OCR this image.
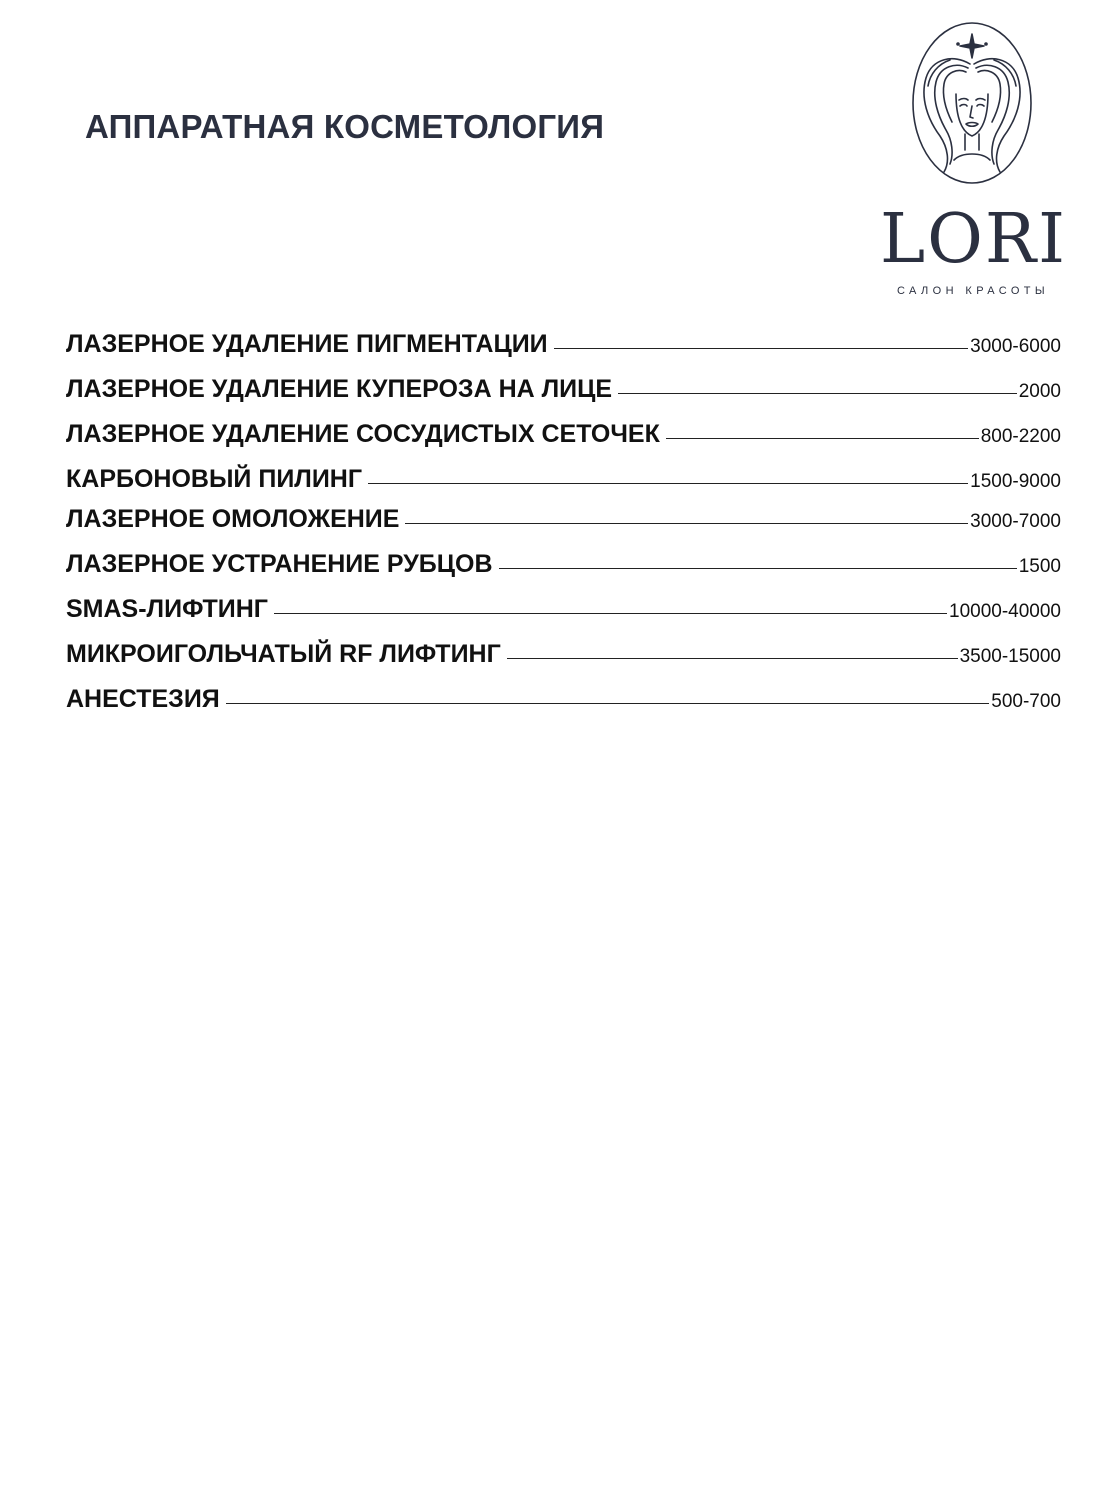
АППАРАТНАЯ КОСМЕТОЛОГИЯ
LORI
САЛОН КРАСОТЫ
ЛАЗЕРНОЕ УДАЛЕНИЕ ПИГМЕНТАЦИИ	3000-6000
ЛАЗЕРНОЕ УДАЛЕНИЕ КУПЕРОЗА НА ЛИЦЕ	2000
ЛАЗЕРНОЕ УДАЛЕНИЕ СОСУДИСТЫХ СЕТОЧЕК	800-2200
КАРБОНОВЫЙ ПИЛИНГ	1500-9000
ЛАЗЕРНОЕ ОМОЛОЖЕНИЕ	3000-7000
ЛАЗЕРНОЕ УСТРАНЕНИЕ РУБЦОВ	1500
SMAS-ЛИФТИНГ	10000-40000
МИКРОИГОЛЬЧАТЫЙ RF ЛИФТИНГ	3500-15000
АНЕСТЕЗИЯ	500-700
